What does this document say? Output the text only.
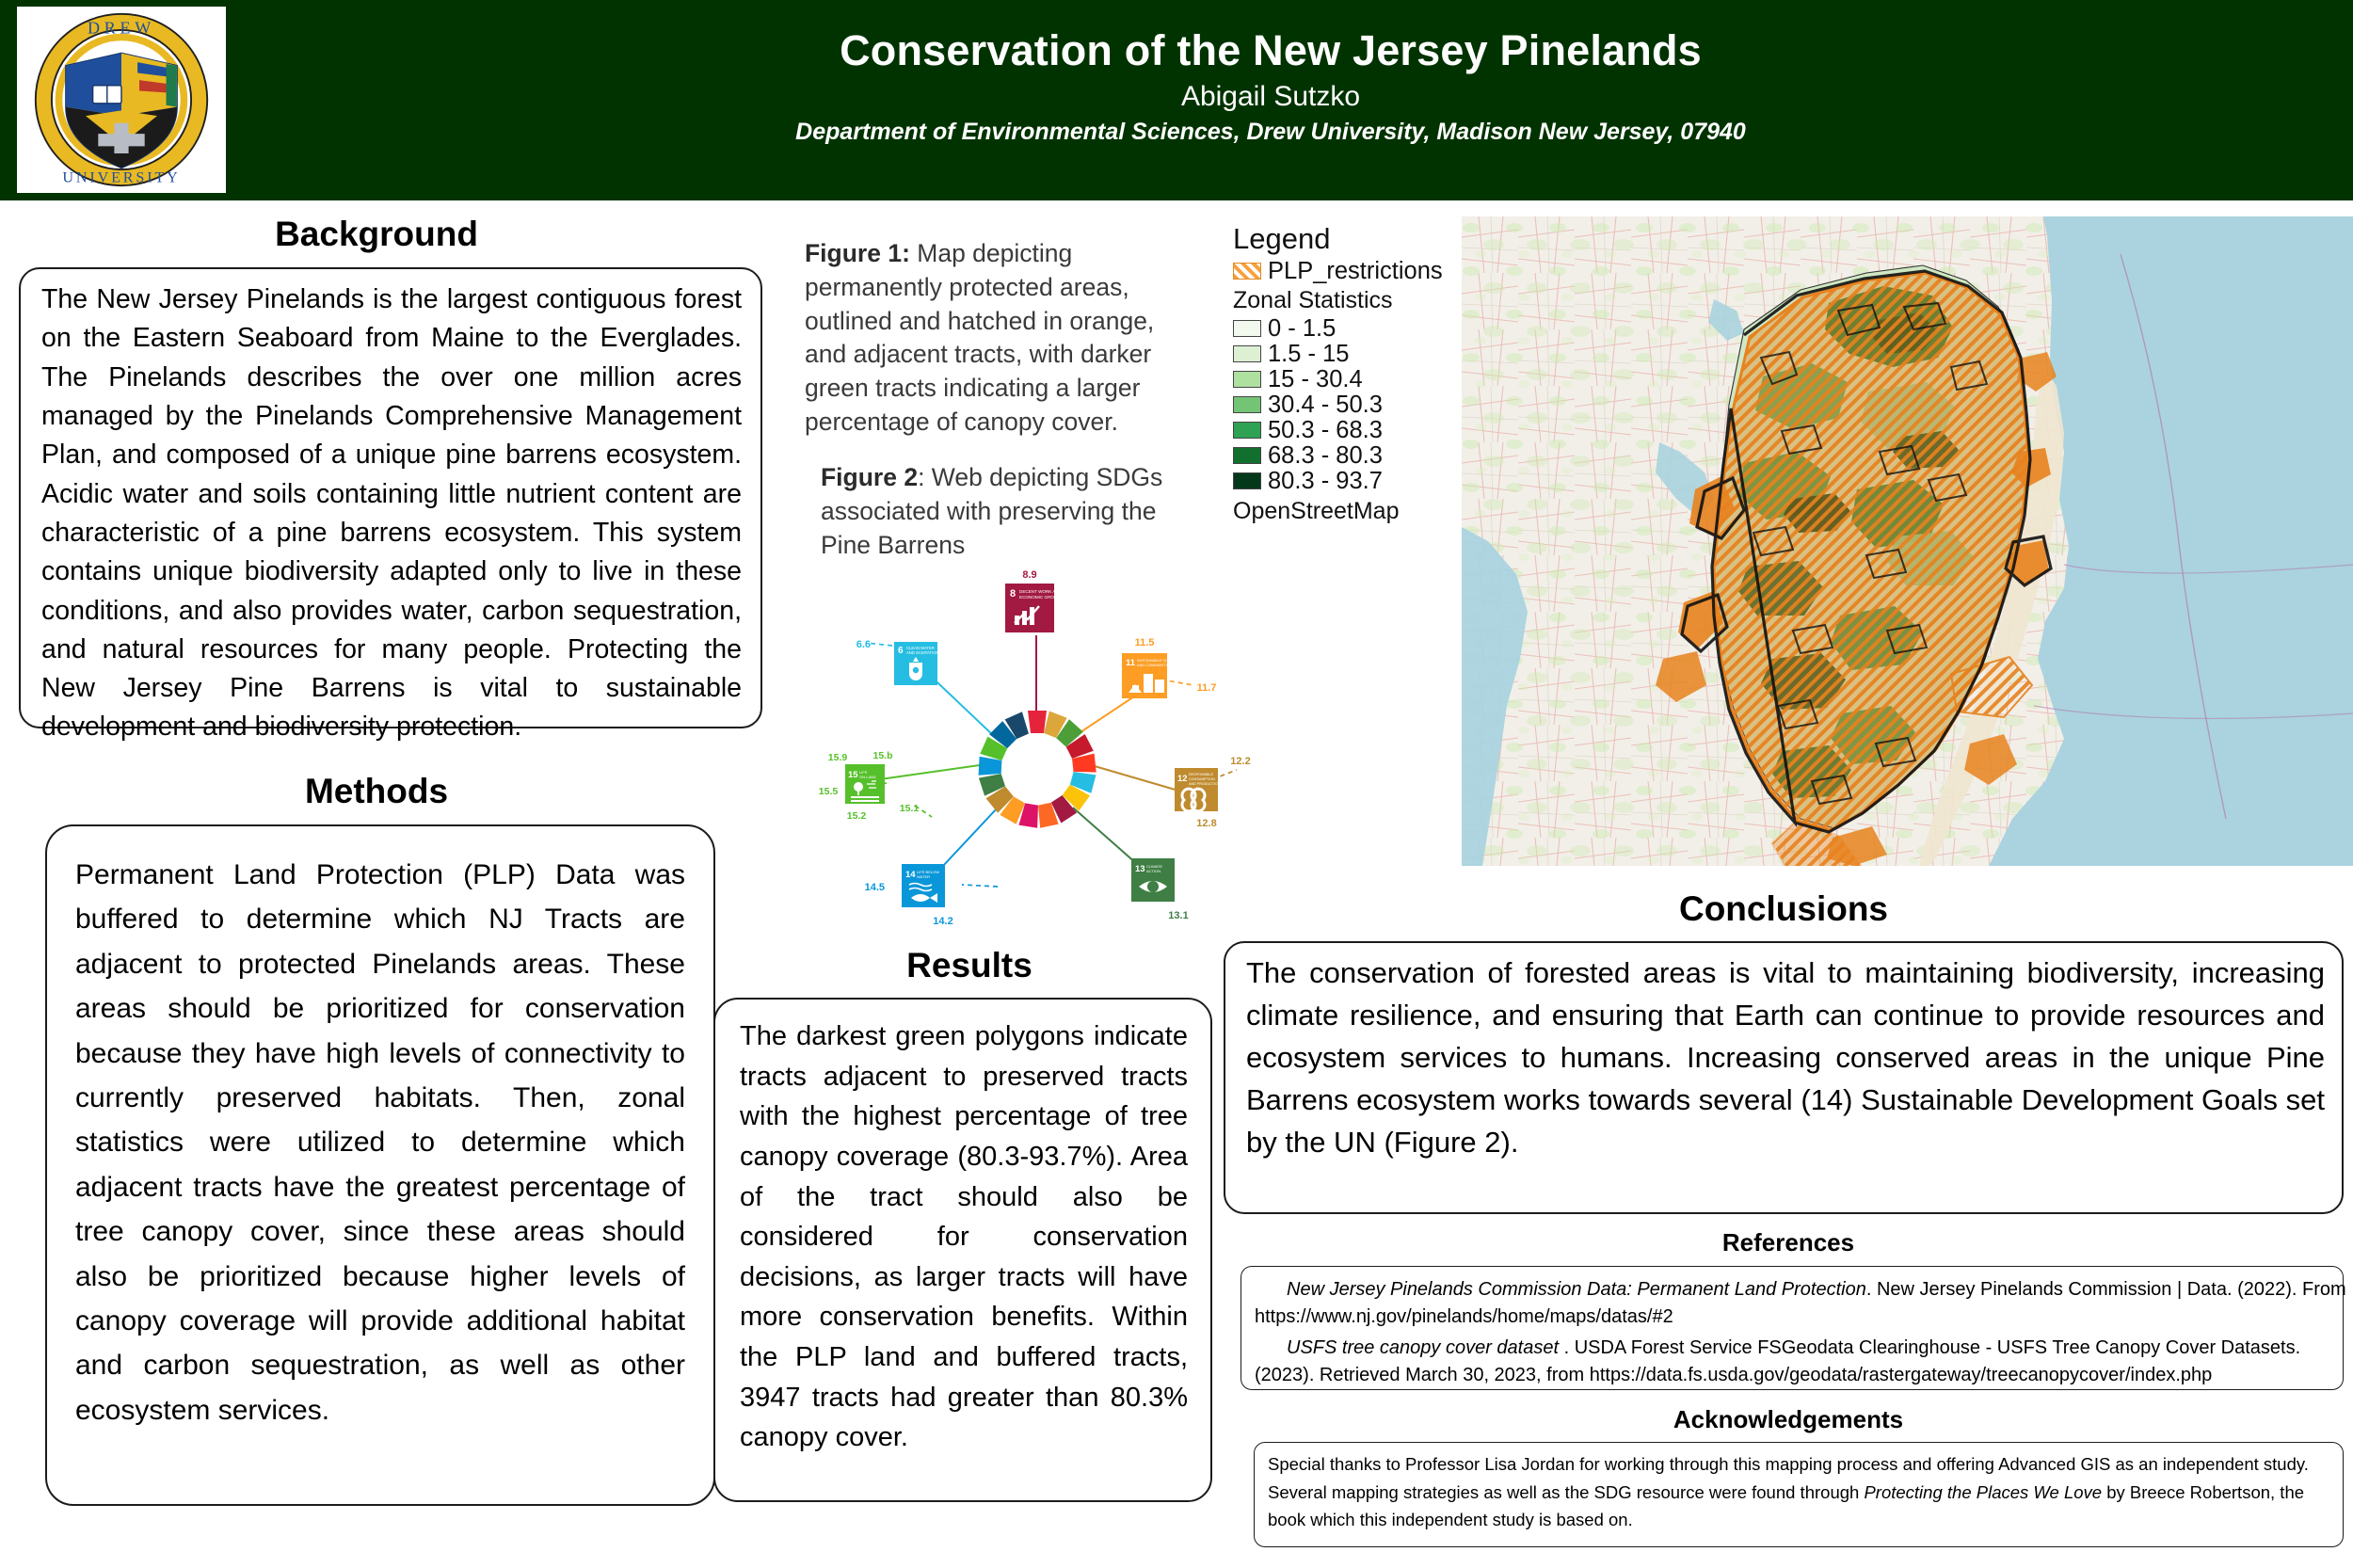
DREW
UNIVERSITY
Conservation of the New Jersey Pinelands
Abigail Sutzko
Department of Environmental Sciences, Drew University, Madison New Jersey, 07940
Background
The New Jersey Pinelands is the largest contiguous forest on the Eastern Seaboard from Maine to the Everglades. The Pinelands describes the over one million acres managed by the Pinelands Comprehensive Management Plan, and composed of a unique pine barrens ecosystem. Acidic water and soils containing little nutrient content are characteristic of a pine barrens ecosystem. This system contains unique biodiversity adapted only to live in these conditions, and also provides water, carbon sequestration, and natural resources for many people. Protecting the New Jersey Pine Barrens is vital to sustainable development and biodiversity protection.
Methods
Permanent Land Protection (PLP) Data was buffered to determine which NJ Tracts are adjacent to protected Pinelands areas. These areas should be prioritized for conservation because they have high levels of connectivity to currently preserved habitats. Then, zonal statistics were utilized to determine which adjacent tracts have the greatest percentage of tree canopy cover, since these areas should also be prioritized because higher levels of canopy coverage will provide additional habitat and carbon sequestration, as well as other ecosystem services.
Figure 1: Map depicting permanently protected areas, outlined and hatched in orange, and adjacent tracts, with darker green tracts indicating a larger percentage of canopy cover.
Figure 2: Web depicting SDGs associated with preserving the Pine Barrens
Legend
PLP_restrictions
Zonal Statistics
0 - 1.5
1.5 - 15
15 - 30.4
30.4 - 50.3
50.3 - 68.3
68.3 - 80.3
80.3 - 93.7
OpenStreetMap
8 DECENT WORK AND
ECONOMIC GROWTH
8.9
6 CLEAN WATER
AND SANITATION
6.6
15 LIFE
ON LAND
15.9	15.b
15.5
15.2
15.1
11 SUSTAINABLE CITIES
AND COMMUNITIES
11.5
11.7
12 RESPONSIBLE
CONSUMPTION
AND PRODUCTION
12.2
12.8
13 CLIMATE
ACTION
13.1
14 LIFE BELOW
WATER
14.5
14.2
Results
The darkest green polygons indicate tracts adjacent to preserved tracts with the highest percentage of tree canopy coverage (80.3-93.7%). Area of the tract should also be considered for conservation decisions, as larger tracts will have more conservation benefits. Within the PLP land and buffered tracts, 3947 tracts had greater than 80.3% canopy cover.
Conclusions
The conservation of forested areas is vital to maintaining biodiversity, increasing climate resilience, and ensuring that Earth can continue to provide resources and ecosystem services to humans. Increasing conserved areas in the unique Pine Barrens ecosystem works towards several (14) Sustainable Development Goals set by the UN (Figure 2).
References

New Jersey Pinelands Commission Data: Permanent Land Protection. New Jersey Pinelands Commission | Data. (2022). From https://www.nj.gov/pinelands/home/maps/datas/#2

USFS tree canopy cover dataset . USDA Forest Service FSGeodata Clearinghouse - USFS Tree Canopy Cover Datasets. (2023). Retrieved March 30, 2023, from https://data.fs.usda.gov/geodata/rastergateway/treecanopycover/index.php

Acknowledgements
Special thanks to Professor Lisa Jordan for working through this mapping process and offering Advanced GIS as an independent study. Several mapping strategies as well as the SDG resource were found through Protecting the Places We Love by Breece Robertson, the book which this independent study is based on.
